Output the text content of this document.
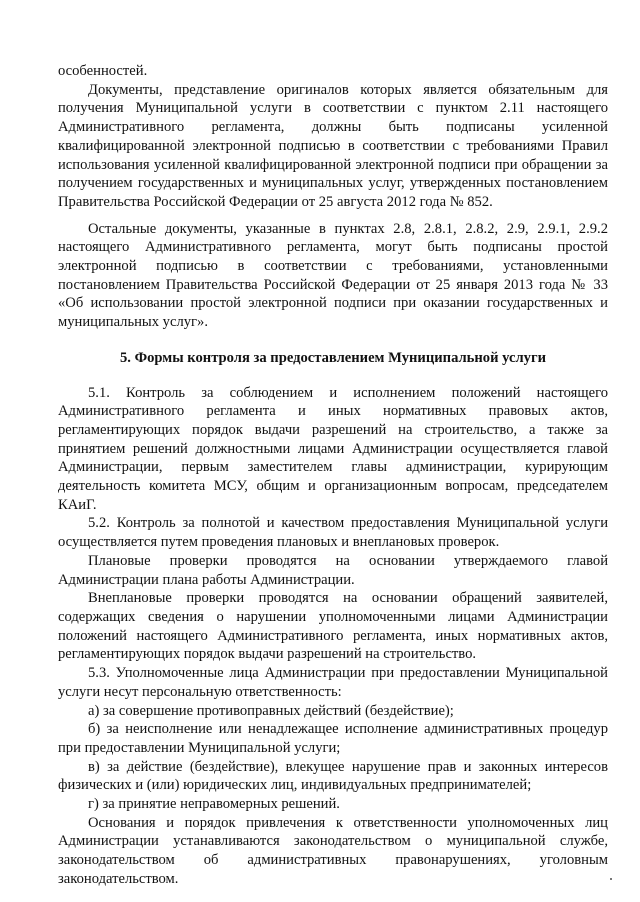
особенностей.

Документы, представление оригиналов которых является обязательным для получения Муниципальной услуги в соответствии с пунктом 2.11 настоящего Административного регламента, должны быть подписаны усиленной квалифицированной электронной подписью в соответствии с требованиями Правил использования усиленной квалифицированной электронной подписи при обращении за получением государственных и муниципальных услуг, утвержденных постановлением Правительства Российской Федерации от 25 августа 2012 года № 852.

Остальные документы, указанные в пунктах 2.8, 2.8.1, 2.8.2, 2.9, 2.9.1, 2.9.2 настоящего Административного регламента, могут быть подписаны простой электронной подписью в соответствии с требованиями, установленными постановлением Правительства Российской Федерации от 25 января 2013 года № 33 «Об использовании простой электронной подписи при оказании государственных и муниципальных услуг».

5. Формы контроля за предоставлением Муниципальной услуги

5.1. Контроль за соблюдением и исполнением положений настоящего Административного регламента и иных нормативных правовых актов, регламентирующих порядок выдачи разрешений на строительство, а также за принятием решений должностными лицами Администрации осуществляется главой Администрации, первым заместителем главы администрации, курирующим деятельность комитета МСУ, общим и организационным вопросам, председателем КАиГ.

5.2. Контроль за полнотой и качеством предоставления Муниципальной услуги осуществляется путем проведения плановых и внеплановых проверок.

Плановые проверки проводятся на основании утверждаемого главой Администрации плана работы Администрации.

Внеплановые проверки проводятся на основании обращений заявителей, содержащих сведения о нарушении уполномоченными лицами Администрации положений настоящего Административного регламента, иных нормативных актов, регламентирующих порядок выдачи разрешений на строительство.

5.3. Уполномоченные лица Администрации при предоставлении Муниципальной услуги несут персональную ответственность:

а) за совершение противоправных действий (бездействие);

б) за неисполнение или ненадлежащее исполнение административных процедур при предоставлении Муниципальной услуги;

в) за действие (бездействие), влекущее нарушение прав и законных интересов физических и (или) юридических лиц, индивидуальных предпринимателей;

г) за принятие неправомерных решений.

Основания и порядок привлечения к ответственности уполномоченных лиц Администрации устанавливаются законодательством о муниципальной службе, законодательством об административных правонарушениях, уголовным законодательством.
